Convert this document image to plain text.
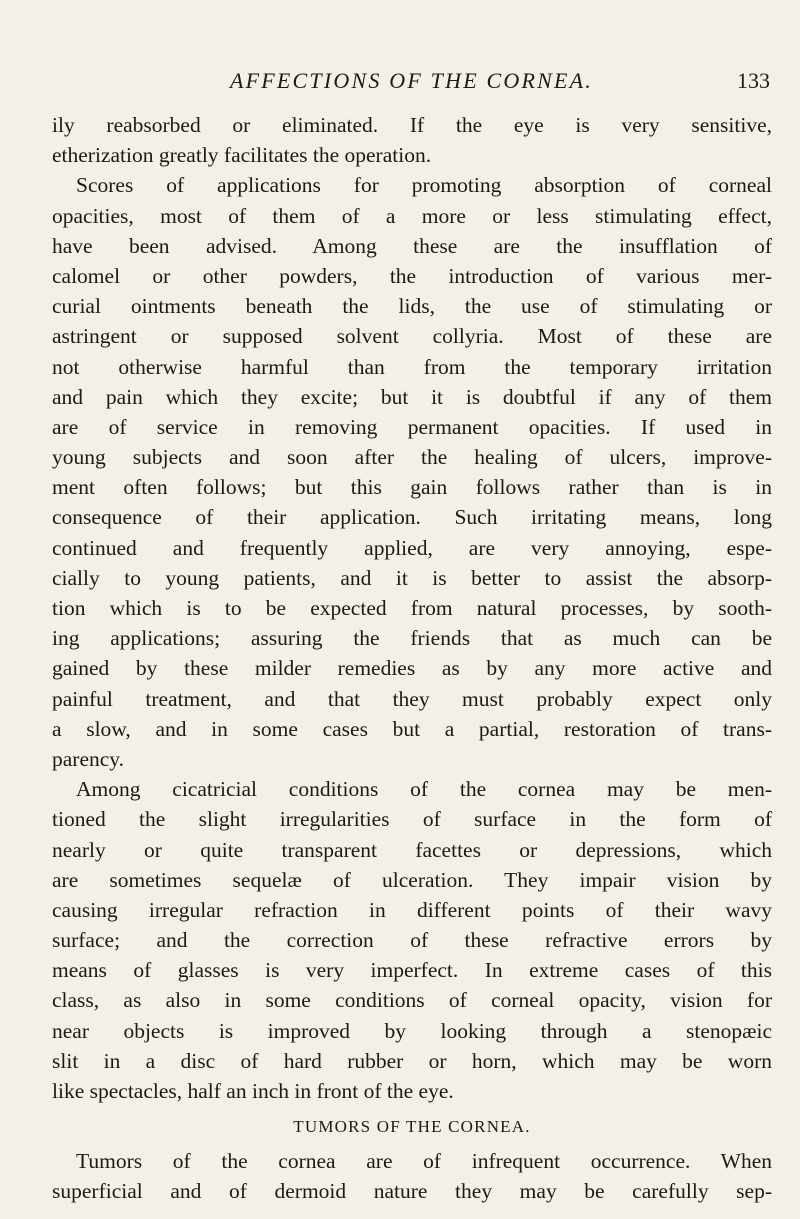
AFFECTIONS OF THE CORNEA.	133
ily reabsorbed or eliminated. If the eye is very sensitive,
etherization greatly facilitates the operation.
Scores of applications for promoting absorption of corneal
opacities, most of them of a more or less stimulating effect,
have been advised. Among these are the insufflation of
calomel or other powders, the introduction of various mer-
curial ointments beneath the lids, the use of stimulating or
astringent or supposed solvent collyria. Most of these are
not otherwise harmful than from the temporary irritation
and pain which they excite; but it is doubtful if any of them
are of service in removing permanent opacities. If used in
young subjects and soon after the healing of ulcers, improve-
ment often follows; but this gain follows rather than is in
consequence of their application. Such irritating means, long
continued and frequently applied, are very annoying, espe-
cially to young patients, and it is better to assist the absorp-
tion which is to be expected from natural processes, by sooth-
ing applications; assuring the friends that as much can be
gained by these milder remedies as by any more active and
painful treatment, and that they must probably expect only
a slow, and in some cases but a partial, restoration of trans-
parency.
Among cicatricial conditions of the cornea may be men-
tioned the slight irregularities of surface in the form of
nearly or quite transparent facettes or depressions, which
are sometimes sequelæ of ulceration. They impair vision by
causing irregular refraction in different points of their wavy
surface; and the correction of these refractive errors by
means of glasses is very imperfect. In extreme cases of this
class, as also in some conditions of corneal opacity, vision for
near objects is improved by looking through a stenopæic
slit in a disc of hard rubber or horn, which may be worn
like spectacles, half an inch in front of the eye.
TUMORS OF THE CORNEA.
Tumors of the cornea are of infrequent occurrence. When
superficial and of dermoid nature they may be carefully sep-
